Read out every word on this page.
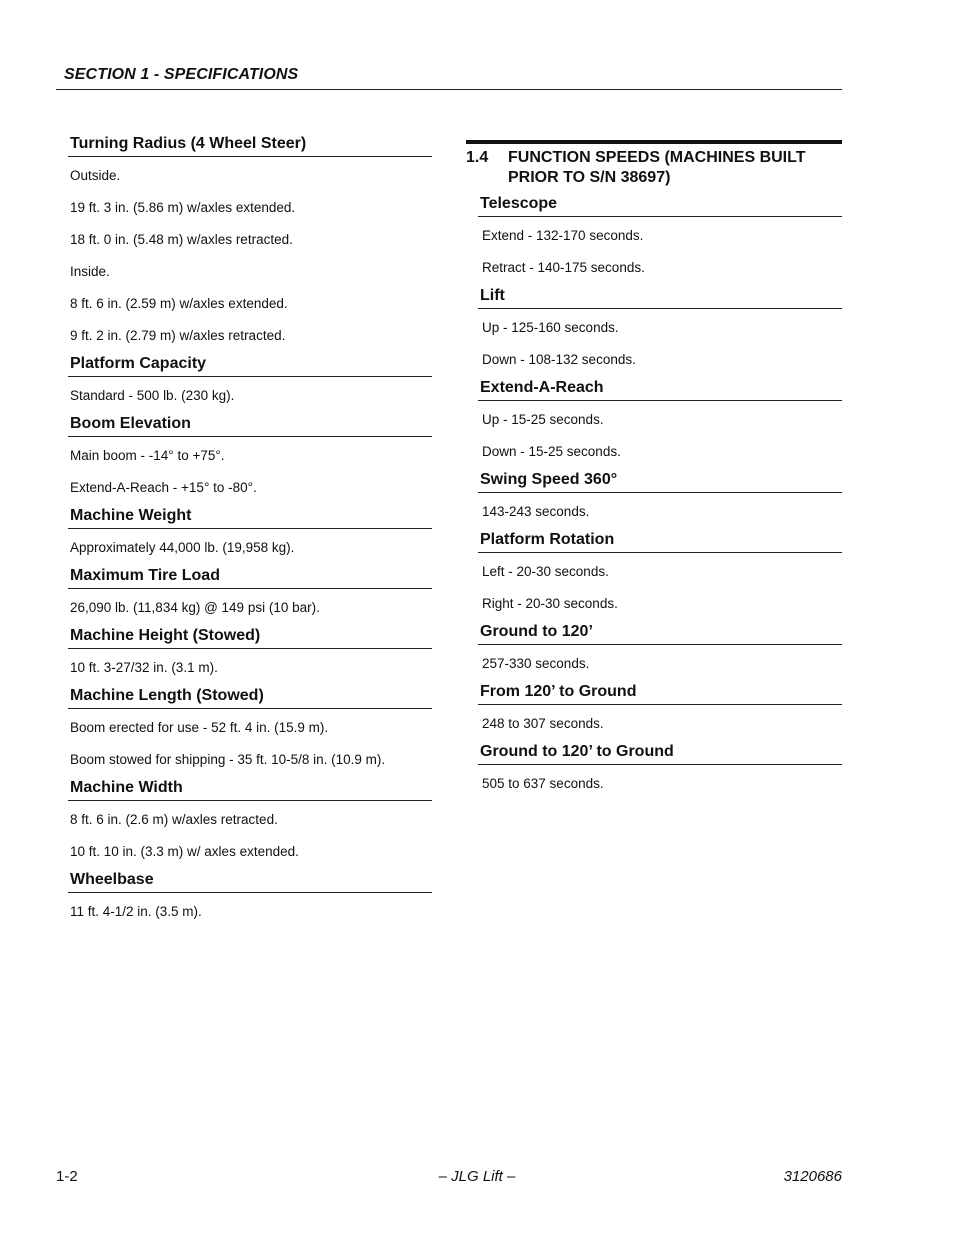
SECTION 1 - SPECIFICATIONS
Turning Radius (4 Wheel Steer)
Outside.
19 ft. 3 in. (5.86 m) w/axles extended.
18 ft. 0 in. (5.48 m) w/axles retracted.
Inside.
8 ft. 6 in. (2.59 m) w/axles extended.
9 ft. 2 in. (2.79 m) w/axles retracted.
Platform Capacity
Standard - 500 lb. (230 kg).
Boom Elevation
Main boom - -14° to +75°.
Extend-A-Reach - +15° to -80°.
Machine Weight
Approximately 44,000 lb. (19,958 kg).
Maximum Tire Load
26,090 lb. (11,834 kg) @ 149 psi (10 bar).
Machine Height (Stowed)
10 ft. 3-27/32 in. (3.1 m).
Machine Length (Stowed)
Boom erected for use - 52 ft. 4 in. (15.9 m).
Boom stowed for shipping - 35 ft. 10-5/8 in. (10.9 m).
Machine Width
8 ft. 6 in. (2.6 m) w/axles retracted.
10 ft. 10 in. (3.3 m) w/ axles extended.
Wheelbase
11 ft. 4-1/2 in. (3.5 m).
1.4	FUNCTION SPEEDS (MACHINES BUILT PRIOR TO S/N 38697)
Telescope
Extend - 132-170 seconds.
Retract - 140-175 seconds.
Lift
Up - 125-160 seconds.
Down - 108-132 seconds.
Extend-A-Reach
Up - 15-25 seconds.
Down - 15-25 seconds.
Swing Speed 360°
143-243 seconds.
Platform Rotation
Left - 20-30 seconds.
Right - 20-30 seconds.
Ground to 120’
257-330 seconds.
From 120’ to Ground
248 to 307 seconds.
Ground to 120’ to Ground
505 to 637 seconds.
1-2	– JLG Lift –	3120686
